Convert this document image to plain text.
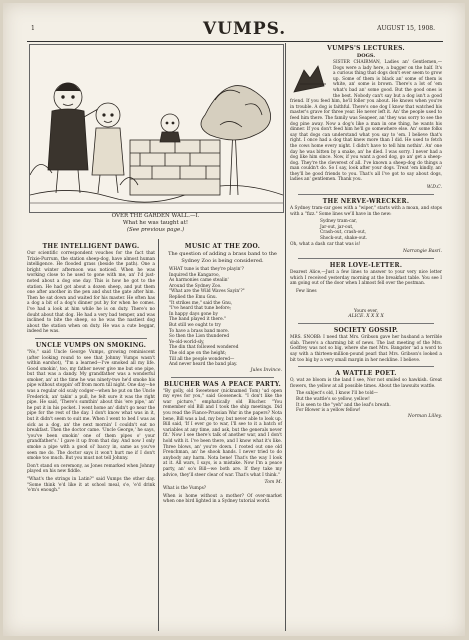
1	VUMPS.	AUGUST 15, 1908.
OVER THE GARDEN WALL.—I.
What he was taught at!
(See previous page.)
THE INTELLIGENT DAWG.

Our scientific correspondent vouches for the fact that Trixie-Purrum, the station sheep-dog, have almost human intelligence. He flooded grass (beside the path). One a bright winter afternoon was noticed. When he was working close to he used to gone with me, an' I'd just-noted about a dog one day. This is how he got to the station. He had got about a dozen sheep, and put them one after another in the pen and shut the gate after him. Then he sat down and waited for his master. He often has a dog a bit of a dog's dinner put by for when he comes. I've had a look at him while he is on duty. There's no doubt about that dog. He had a very bad temper, and was inclined to bite the sheep, so he was the nastiest dog about the station when on duty. He was a cute beggar, indeed he was.

UNCLE VUMPS ON SMOKING.

"No," said Uncle George Vumps, growing reminiscent (after looking round to see that Johnny Vumps wasn't within earshot), "I'm a learned—I've smoked all my life. Good smokin', too, my father never give me but one pipe, but that was a dandy. My grandfather was a wonderful smoker, an' at the time he was ninety-two he'd smoke his pipe without stoppin' off from morn till night. One day—he was a regular old scaly codger—when he put on the Uncle Frederick, an' takin' a pull, he felt sure it was the right pipe. He said, 'There's sumthin' about this 'ere pipe,' an' he put it in his pocket. I went home an' didn't go near the pipe for the rest of the day. I don't know what was in it, but it didn't seem to suit me. When I went to bed I was as sick as a dog, an' the next mornin' I couldn't eat no breakfast. Then the doctor came. 'Uncle George,' he says, 'you've been smokin' one of them pipes o' your grandfather's.' I gave it up from that day. And now I only smoke a pipe with a good ol' baccy in, same as you've seen me do. The doctor says it won't hurt me if I don't smoke too much. But you must not tell Johnny.

Don't stand on ceremony, as Jones remarked when Johnny played on his new fiddle.

"What's the strings in Latin?" said Vumps the other day. "Some think 'e'd like it at school meal, s'e, 'e'd drink 'e'm's enough."

MUSIC AT THE ZOO.

The question of adding a brass band to the Sydney Zoo is being considered.

WHAT tune is that they're playin'?
Inquired the Kangaroo,
As harmonies came stealin'
Around the Sydney Zoo.
"What are the Wild Waves Sayin'?"
Replied the Emu Gnu.
"It strikes me," said the Gnu,
"I've heard that tune before;
In happy days gone by
The band played it there."
But still we ought to try
To have a brass band more.
So then the Lion thundered
Ye-old-world-sly,
The din that followed wondered
The old ape on the height;
Till all the people wondered—
And never heard the band play.
Jules Invince.
BLUCHER WAS A PEACE PARTY.

"By golly, old Sweetener (nicknamed Tom) 'ud open my eyes for you," said Gooseneck. "I don't like the war picture," emphatically old Blucher. "You remember old Bill and I took the ship meetings. Did you read the Fiance-Prussian War in the papers? Nota bene, Bill was a lad, my boy, but never able to look up. Bill said, 'If I ever go to war, I'll see to it a batch of variables at any time, and ask, but the generals never fit.' Now I see there's talk of another war, and I don't hold with it. I've been there, and I know what it's like. Three blows, an' you're down. I rooted out one old Frenchman, an' he shook hands. I never tried to do anybody any harm. Nota bene! That's the way I look at it. All wars, I says, is a mistake. Now I'm a peace party, an' so's Bill—we both are. If they take my advice, they'll steer clear of war. That's what I think."

Tom M.

What is the Vumps?

When is home without a mother? Of over-market when one bird lighted in a Sydney tutorial world.

VUMPS'S LECTURES.
DOGS.

SISTER CHAIRMAN, Ladies an' Gentlemen,—Dogs were a lady here, a bugger on the half. It's a curious thing that dogs don't ever seem to grow up. Some of them is black an' some of them is white, an' some is brown. There's a lot of 'em what's bad an' some good. But the good ones is the best. Nobody can't say but a dog isn't a good friend. If you feed him, he'll foller you about. He knows when you're in trouble. A dog is faithful. There's one dog I know that watched his master's grave for three year. He never left it. An' the people used to feed him there. The family was Seapeer, an' they was sorry to see the dog pine away. Now a dog's like a man in one thing, he wants his dinner. If you don't feed him he'll go somewhere else. An' some folks say that dogs can understand what you say to 'em. I believe that's right. I once had a dog that knew more than I did. He used to fetch the cows home every night. I didn't have to tell him nothin'. An' one day he was bitten by a snake, an' he died. I was sorry. I never had a dog like him since. Now, if you want a good dog, go an' get a sheep-dog. They're the cleverest of all. I've known a sheep-dog do things a man couldn't do. So I say, look after your dogs. Treat 'em kindly, an' they'll be good friends to you. That's all I've got to say about dogs, ladies an' gentlemen. Thank you.

W.D.C.
THE NERVE-WRECKER.

A Sydney tram-car goes with a "wiper," starts with a moan, and stops with a "fizz." Some lines we'll have in the new:

Sydney tram-car,
Jar-out, jar-out,
Crash-out, crash-out,
Shock-out, shake-out.

Oh, what a dash car that was is!

Narrangie Basri.
HER LOVE-LETTER.

Dearest Alice,—Just a few lines to answer to your very nice letter which I received yesterday morning at the breakfast table. You see I am going out of the door when I almost fell over the postman.

Few lines

Yours ever,
ALICE. X X X X
SOCIETY GOSSIP.

MRS. SNOBB: I need that Mrs. Gribson gave her husband a terrible slab. There's a charming bit of news. The last meeting of the Mrs. Godfrey was not so big, where she met Mrs. Bangster 'ad a word to say with a thirteen-million-pound pearl that Mrs. Gribson's looked a bit too big by a very small margin in her neckline. I believe.

A WATTLE POET.

O, wat ze bloom is the land I see, Nor not smiled so hawkish. Great flowers, the yellow at all possible times. About the lawsuits wattle.

The subject's old, I know I'll be told—
But the wattle's so yellow, yellow!
It is seen to the "yeh" and the leaf's breath.
For Blower is a yellow fellow!
Norman Lilley.
